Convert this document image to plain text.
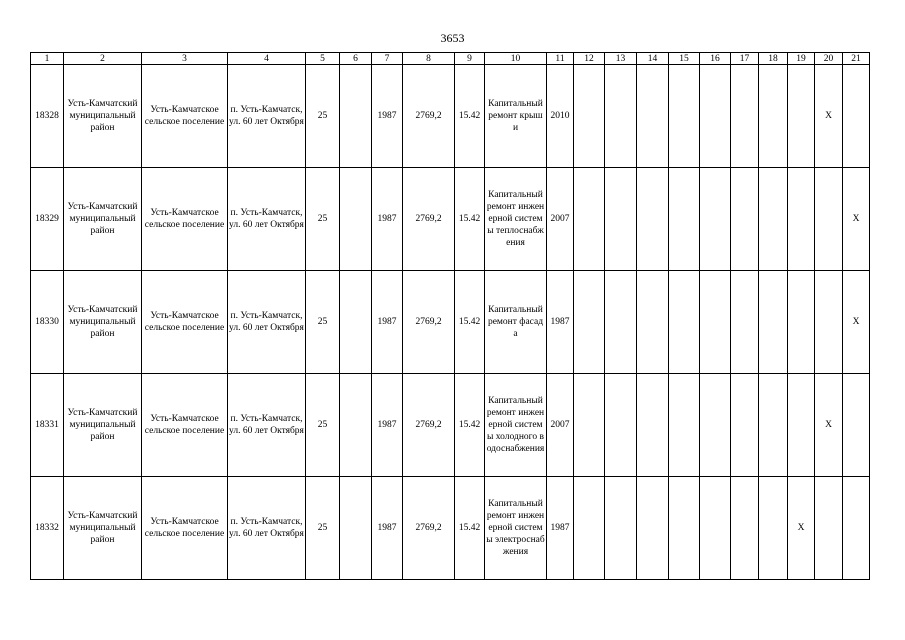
3653
1	2	3	4	5	6	7	8	9	10	11	12	13	14	15	16	17	18	19	20	21
18328	Усть-Камчатский муниципальный район	Усть-Камчатское сельское поселение	п. Усть-Камчатск, ул. 60 лет Октября	25		1987	2769,2	15.42	Капитальный ремонт крыши	2010									X	
18329	Усть-Камчатский муниципальный район	Усть-Камчатское сельское поселение	п. Усть-Камчатск, ул. 60 лет Октября	25		1987	2769,2	15.42	Капитальный ремонт инженерной системы теплоснабжения	2007										X
18330	Усть-Камчатский муниципальный район	Усть-Камчатское сельское поселение	п. Усть-Камчатск, ул. 60 лет Октября	25		1987	2769,2	15.42	Капитальный ремонт фасада	1987										X
18331	Усть-Камчатский муниципальный район	Усть-Камчатское сельское поселение	п. Усть-Камчатск, ул. 60 лет Октября	25		1987	2769,2	15.42	Капитальный ремонт инженерной системы холодного водоснабжения	2007									X	
18332	Усть-Камчатский муниципальный район	Усть-Камчатское сельское поселение	п. Усть-Камчатск, ул. 60 лет Октября	25		1987	2769,2	15.42	Капитальный ремонт инженерной системы электроснабжения	1987								X		
